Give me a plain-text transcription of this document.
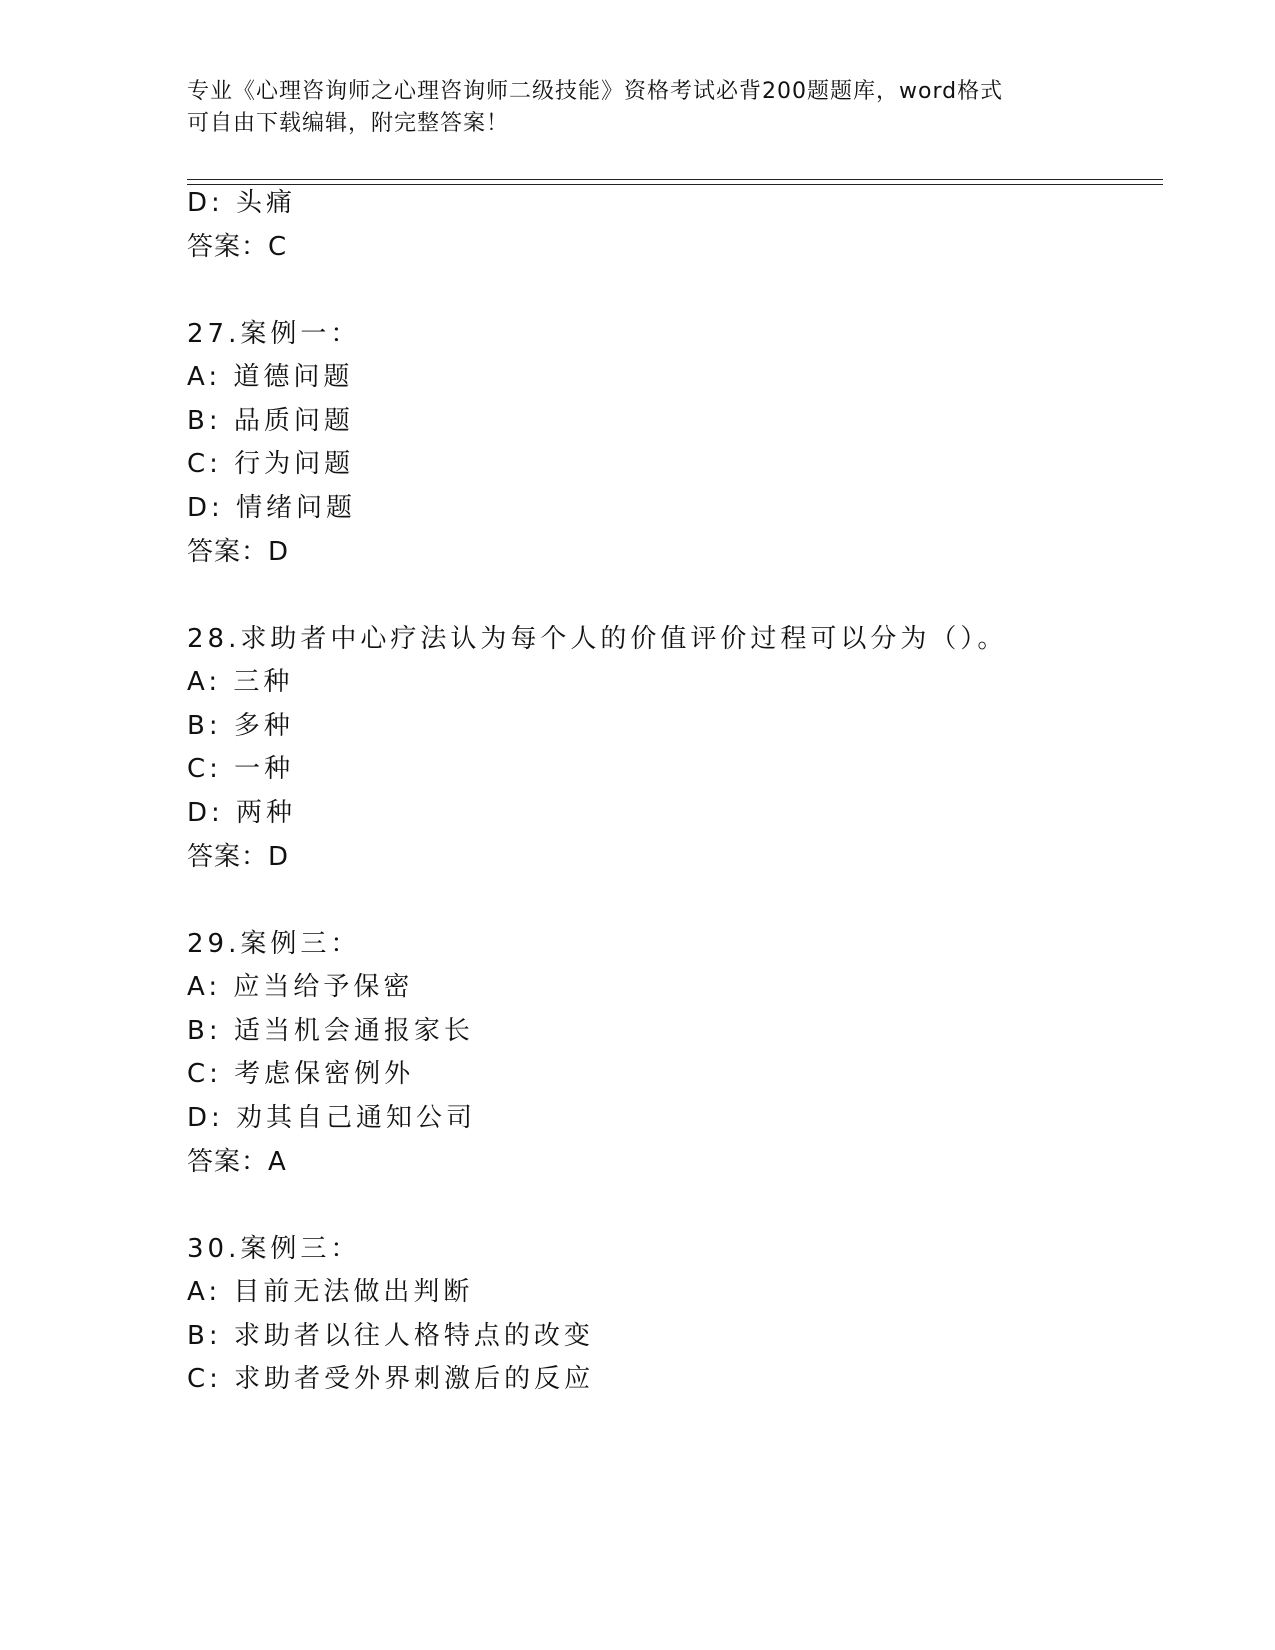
专业《心理咨询师之心理咨询师二级技能》资格考试必背200题题库，word格式
可自由下载编辑，附完整答案！
D: 头痛
答案：C
27.案例一：
A: 道德问题
B: 品质问题
C: 行为问题
D: 情绪问题
答案：D
28.求助者中心疗法认为每个人的价值评价过程可以分为（）。
A: 三种
B: 多种
C: 一种
D: 两种
答案：D
29.案例三：
A: 应当给予保密
B: 适当机会通报家长
C: 考虑保密例外
D: 劝其自己通知公司
答案：A
30.案例三：
A: 目前无法做出判断
B: 求助者以往人格特点的改变
C: 求助者受外界刺激后的反应
